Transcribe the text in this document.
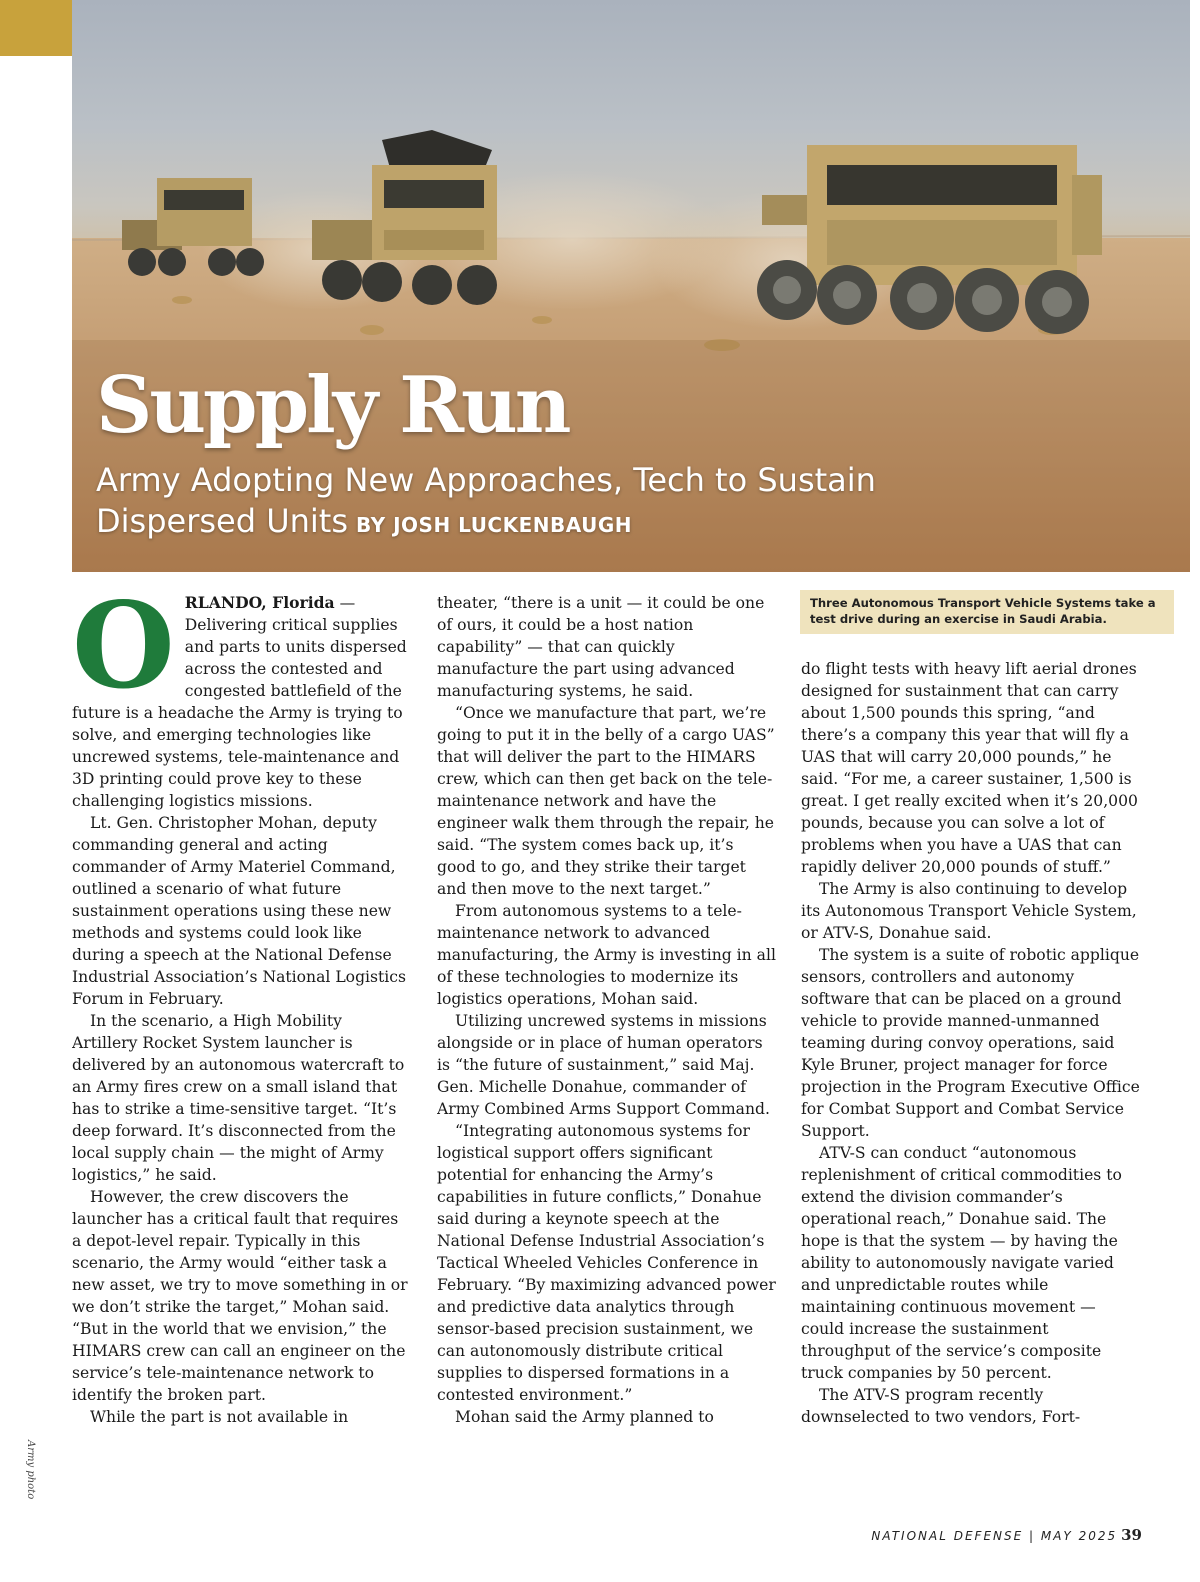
Supply Run
Army Adopting New Approaches, Tech to Sustain Dispersed Units BY JOSH LUCKENBAUGH
Three Autonomous Transport Vehicle Systems take a test drive during an exercise in Saudi Arabia.

ORLANDO, Florida — Delivering critical supplies and parts to units dispersed across the contested and congested battlefield of the future is a headache the Army is trying to solve, and emerging technologies like uncrewed systems, tele-maintenance and 3D printing could prove key to these challenging logistics missions.

Lt. Gen. Christopher Mohan, deputy commanding general and acting commander of Army Materiel Command, outlined a scenario of what future sustainment operations using these new methods and systems could look like during a speech at the National Defense Industrial Association’s National Logistics Forum in February.

In the scenario, a High Mobility Artillery Rocket System launcher is delivered by an autonomous watercraft to an Army fires crew on a small island that has to strike a time-sensitive target. “It’s deep forward. It’s disconnected from the local supply chain — the might of Army logistics,” he said.

However, the crew discovers the launcher has a critical fault that requires a depot-level repair. Typically in this scenario, the Army would “either task a new asset, we try to move something in or we don’t strike the target,” Mohan said. “But in the world that we envision,” the HIMARS crew can call an engineer on the service’s tele-maintenance network to identify the broken part.

While the part is not available in

theater, “there is a unit — it could be one of ours, it could be a host nation capability” — that can quickly manufacture the part using advanced manufacturing systems, he said.

“Once we manufacture that part, we’re going to put it in the belly of a cargo UAS” that will deliver the part to the HIMARS crew, which can then get back on the tele-maintenance network and have the engineer walk them through the repair, he said. “The system comes back up, it’s good to go, and they strike their target and then move to the next target.”

From autonomous systems to a tele-maintenance network to advanced manufacturing, the Army is investing in all of these technologies to modernize its logistics operations, Mohan said.

Utilizing uncrewed systems in missions alongside or in place of human operators is “the future of sustainment,” said Maj. Gen. Michelle Donahue, commander of Army Combined Arms Support Command.

“Integrating autonomous systems for logistical support offers significant potential for enhancing the Army’s capabilities in future conflicts,” Donahue said during a keynote speech at the National Defense Industrial Association’s Tactical Wheeled Vehicles Conference in February. “By maximizing advanced power and predictive data analytics through sensor-based precision sustainment, we can autonomously distribute critical supplies to dispersed formations in a contested environment.”

Mohan said the Army planned to

do flight tests with heavy lift aerial drones designed for sustainment that can carry about 1,500 pounds this spring, “and there’s a company this year that will fly a UAS that will carry 20,000 pounds,” he said. “For me, a career sustainer, 1,500 is great. I get really excited when it’s 20,000 pounds, because you can solve a lot of problems when you have a UAS that can rapidly deliver 20,000 pounds of stuff.”

The Army is also continuing to develop its Autonomous Transport Vehicle System, or ATV-S, Donahue said.

The system is a suite of robotic applique sensors, controllers and autonomy software that can be placed on a ground vehicle to provide manned-unmanned teaming during convoy operations, said Kyle Bruner, project manager for force projection in the Program Executive Office for Combat Support and Combat Service Support.

ATV-S can conduct “autonomous replenishment of critical commodities to extend the division commander’s operational reach,” Donahue said. The hope is that the system — by having the ability to autonomously navigate varied and unpredictable routes while maintaining continuous movement — could increase the sustainment throughput of the service’s composite truck companies by 50 percent.

The ATV-S program recently downselected to two vendors, Fort-

Army photo
NATIONAL DEFENSE | MAY 2025 39
